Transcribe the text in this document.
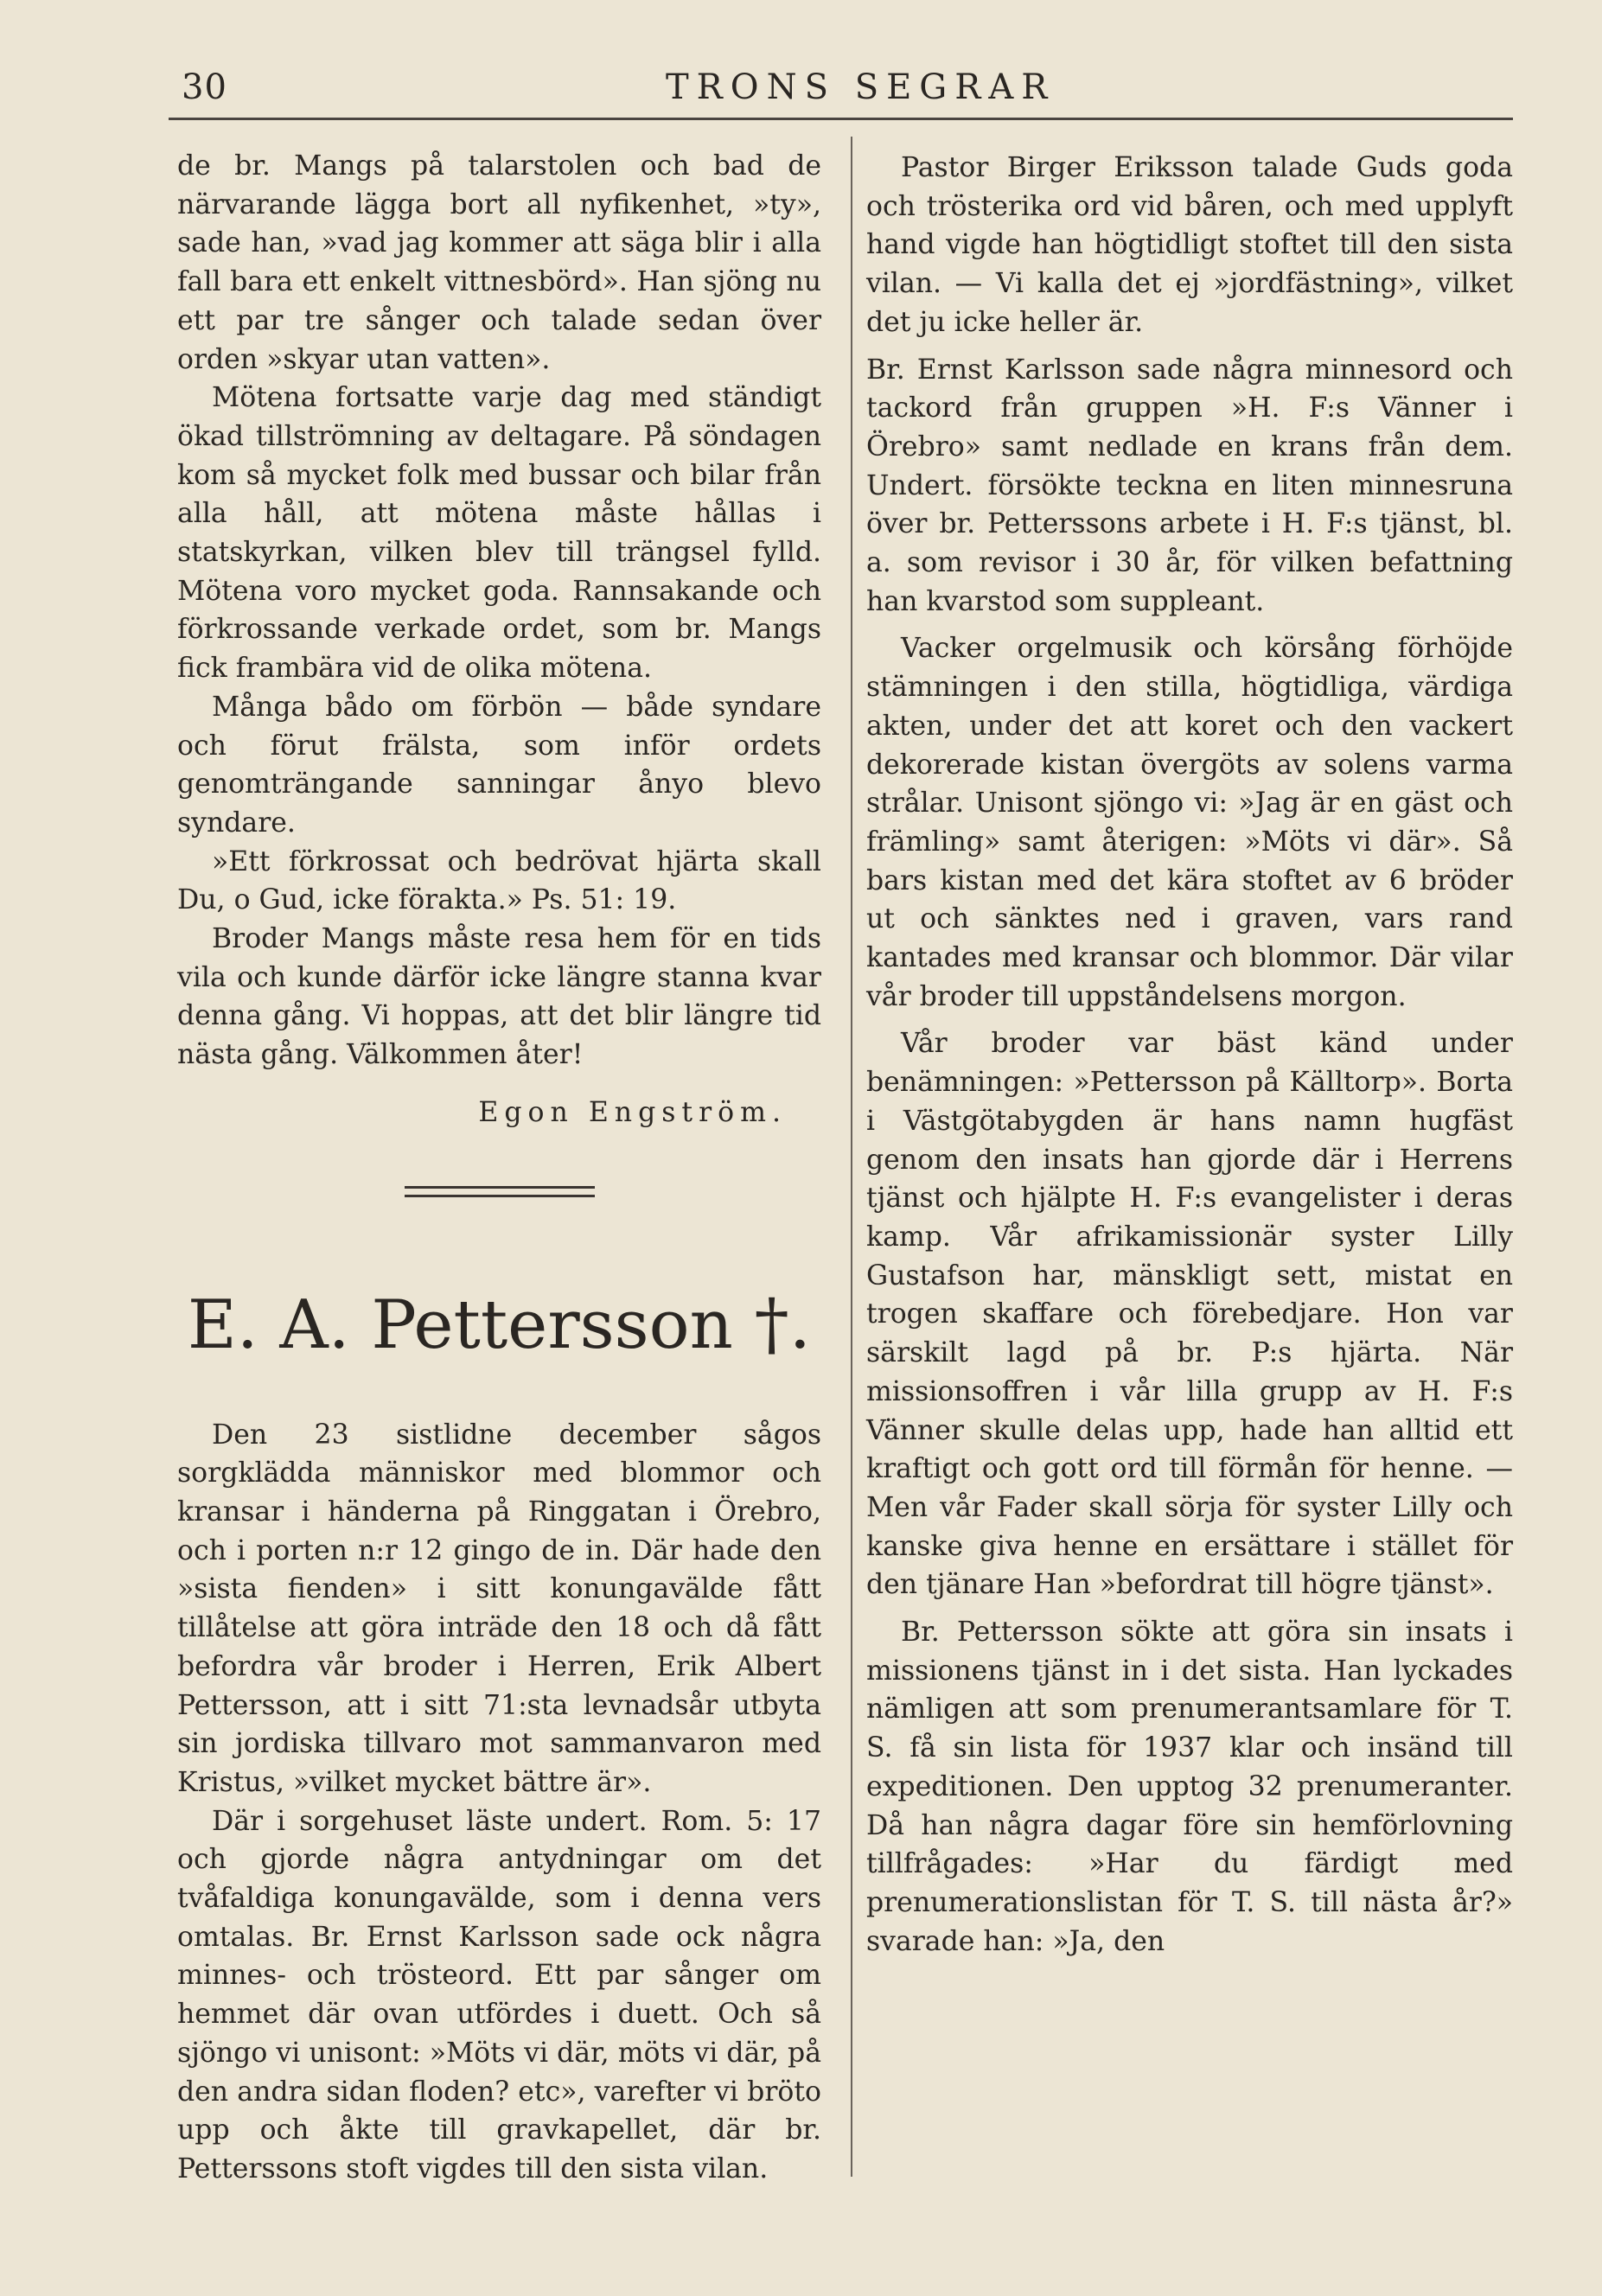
30	TRONS SEGRAR

de br. Mangs på talarstolen och bad de närvarande lägga bort all nyfikenhet, »ty», sade han, »vad jag kommer att säga blir i alla fall bara ett enkelt vittnesbörd». Han sjöng nu ett par tre sånger och talade sedan över orden »skyar utan vatten».

Mötena fortsatte varje dag med ständigt ökad tillströmning av deltagare. På söndagen kom så mycket folk med bussar och bilar från alla håll, att mötena måste hållas i statskyrkan, vilken blev till trängsel fylld. Mötena voro mycket goda. Rannsakande och förkrossande verkade ordet, som br. Mangs fick frambära vid de olika mötena.

Många bådo om förbön — både syndare och förut frälsta, som inför ordets genomträngande sanningar ånyo blevo syndare.

»Ett förkrossat och bedrövat hjärta skall Du, o Gud, icke förakta.» Ps. 51: 19.

Broder Mangs måste resa hem för en tids vila och kunde därför icke längre stanna kvar denna gång. Vi hoppas, att det blir längre tid nästa gång. Välkommen åter!

Egon Engström.

E. A. Pettersson †.

Den 23 sistlidne december sågos sorgklädda människor med blommor och kransar i händerna på Ringgatan i Örebro, och i porten n:r 12 gingo de in. Där hade den »sista fienden» i sitt konungavälde fått tillåtelse att göra inträde den 18 och då fått befordra vår broder i Herren, Erik Albert Pettersson, att i sitt 71:sta levnadsår utbyta sin jordiska tillvaro mot sammanvaron med Kristus, »vilket mycket bättre är».

Där i sorgehuset läste undert. Rom. 5: 17 och gjorde några antydningar om det tvåfaldiga konungavälde, som i denna vers omtalas. Br. Ernst Karlsson sade ock några minnes- och trösteord. Ett par sånger om hemmet där ovan utfördes i duett. Och så sjöngo vi unisont: »Möts vi där, möts vi där, på den andra sidan floden? etc», varefter vi bröto upp och åkte till gravkapellet, där br. Petterssons stoft vigdes till den sista vilan.

Pastor Birger Eriksson talade Guds goda och trösterika ord vid båren, och med upplyft hand vigde han högtidligt stoftet till den sista vilan. — Vi kalla det ej »jordfästning», vilket det ju icke heller är.

Br. Ernst Karlsson sade några minnesord och tackord från gruppen »H. F:s Vänner i Örebro» samt nedlade en krans från dem. Undert. försökte teckna en liten minnesruna över br. Petterssons arbete i H. F:s tjänst, bl. a. som revisor i 30 år, för vilken befattning han kvarstod som suppleant.

Vacker orgelmusik och körsång förhöjde stämningen i den stilla, högtidliga, värdiga akten, under det att koret och den vackert dekorerade kistan övergöts av solens varma strålar. Unisont sjöngo vi: »Jag är en gäst och främling» samt återigen: »Möts vi där». Så bars kistan med det kära stoftet av 6 bröder ut och sänktes ned i graven, vars rand kantades med kransar och blommor. Där vilar vår broder till uppståndelsens morgon.

Vår broder var bäst känd under benämningen: »Pettersson på Källtorp». Borta i Västgötabygden är hans namn hugfäst genom den insats han gjorde där i Herrens tjänst och hjälpte H. F:s evangelister i deras kamp. Vår afrikamissionär syster Lilly Gustafson har, mänskligt sett, mistat en trogen skaffare och förebedjare. Hon var särskilt lagd på br. P:s hjärta. När missionsoffren i vår lilla grupp av H. F:s Vänner skulle delas upp, hade han alltid ett kraftigt och gott ord till förmån för henne. — Men vår Fader skall sörja för syster Lilly och kanske giva henne en ersättare i stället för den tjänare Han »befordrat till högre tjänst».

Br. Pettersson sökte att göra sin insats i missionens tjänst in i det sista. Han lyckades nämligen att som prenumerantsamlare för T. S. få sin lista för 1937 klar och insänd till expeditionen. Den upptog 32 prenumeranter. Då han några dagar före sin hemförlovning tillfrågades: »Har du färdigt med prenumerationslistan för T. S. till nästa år?» svarade han: »Ja, den
